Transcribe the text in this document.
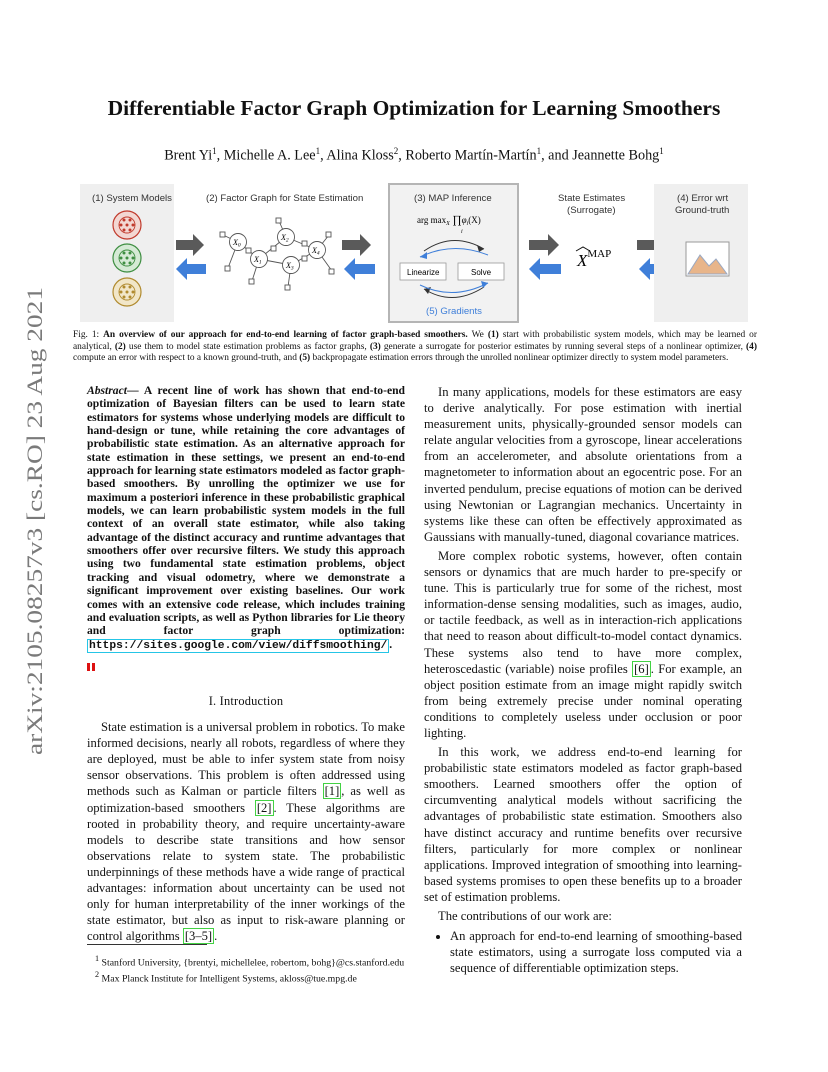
arXiv:2105.08257v3 [cs.RO] 23 Aug 2021
Differentiable Factor Graph Optimization for Learning Smoothers
Brent Yi$^1$, Michelle A. Lee$^1$, Alina Kloss$^2$, Roberto Martín-Martín$^1$, and Jeannette Bohg$^1$
(1) System Models	(2) Factor Graph for State Estimation
X0
X1
X2
X3
X4
(3) MAP Inference
arg $\max_X$ $\prod\varphi_i(X)$
i
Linearize	Solve
(5) Gradients
State Estimates
(Surrogate)
$X^{MAP}$
(4) Error wrt
Ground-truth
Fig. 1: An overview of our approach for end-to-end learning of factor graph-based smoothers. We (1) start with probabilistic system models, which may be learned or analytical, (2) use them to model state estimation problems as factor graphs, (3) generate a surrogate for posterior estimates by running several steps of a nonlinear optimizer, (4) compute an error with respect to a known ground-truth, and (5) backpropagate estimation errors through the unrolled nonlinear optimizer directly to system model parameters.
Abstract— A recent line of work has shown that end-to-end optimization of Bayesian filters can be used to learn state estimators for systems whose underlying models are difficult to hand-design or tune, while retaining the core advantages of probabilistic state estimation. As an alternative approach for state estimation in these settings, we present an end-to-end approach for learning state estimators modeled as factor graph-based smoothers. By unrolling the optimizer we use for maximum a posteriori inference in these probabilistic graphical models, we can learn probabilistic system models in the full context of an overall state estimator, while also taking advantage of the distinct accuracy and runtime advantages that smoothers offer over recursive filters. We study this approach using two fundamental state estimation problems, object tracking and visual odometry, where we demonstrate a significant improvement over existing baselines. Our work comes with an extensive code release, which includes training and evaluation scripts, as well as Python libraries for Lie theory and factor graph optimization: https://sites.google.com/view/diffsmoothing/ .
I. Introduction

State estimation is a universal problem in robotics. To make informed decisions, nearly all robots, regardless of where they are deployed, must be able to infer system state from noisy sensor observations. This problem is often addressed using methods such as Kalman or particle filters [1] , as well as optimization-based smoothers [2] . These algorithms are rooted in probability theory, and require uncertainty-aware models to describe state transitions and how sensor observations relate to system state. The probabilistic underpinnings of these methods have a wide range of practical advantages: information about uncertainty can be used not only for human interpretability of the inner workings of the state estimator, but also as input to risk-aware planning or control algorithms [3–5] .

$^1$ Stanford University, {brentyi, michellelee, robertom, bohg}@cs.stanford.edu
$^2$ Max Planck Institute for Intelligent Systems, akloss@tue.mpg.de

In many applications, models for these estimators are easy to derive analytically. For pose estimation with inertial measurement units, physically-grounded sensor models can relate angular velocities from a gyroscope, linear accelerations from an accelerometer, and absolute orientations from a magnetometer to information about an egocentric pose. For an inverted pendulum, precise equations of motion can be derived using Newtonian or Lagrangian mechanics. Uncertainty in systems like these can often be effectively approximated as Gaussians with manually-tuned, diagonal covariance matrices.

More complex robotic systems, however, often contain sensors or dynamics that are much harder to pre-specify or tune. This is particularly true for some of the richest, most information-dense sensing modalities, such as images, audio, or tactile feedback, as well as in interaction-rich applications that need to reason about difficult-to-model contact dynamics. These systems also tend to have more complex, heteroscedastic (variable) noise profiles [6] . For example, an object position estimate from an image might rapidly switch from being extremely precise under nominal operating conditions to completely useless under occlusion or poor lighting.

In this work, we address end-to-end learning for probabilistic state estimators modeled as factor graph-based smoothers. Learned smoothers offer the option of circumventing analytical models without sacrificing the advantages of probabilistic state estimation. Smoothers also have distinct accuracy and runtime benefits over recursive filters, particularly for more complex or nonlinear applications. Improved integration of smoothing into learning-based systems promises to open these benefits up to a broader set of estimation problems.

The contributions of our work are:

• An approach for end-to-end learning of smoothing-based state estimators, using a surrogate loss computed via a sequence of differentiable optimization steps.
